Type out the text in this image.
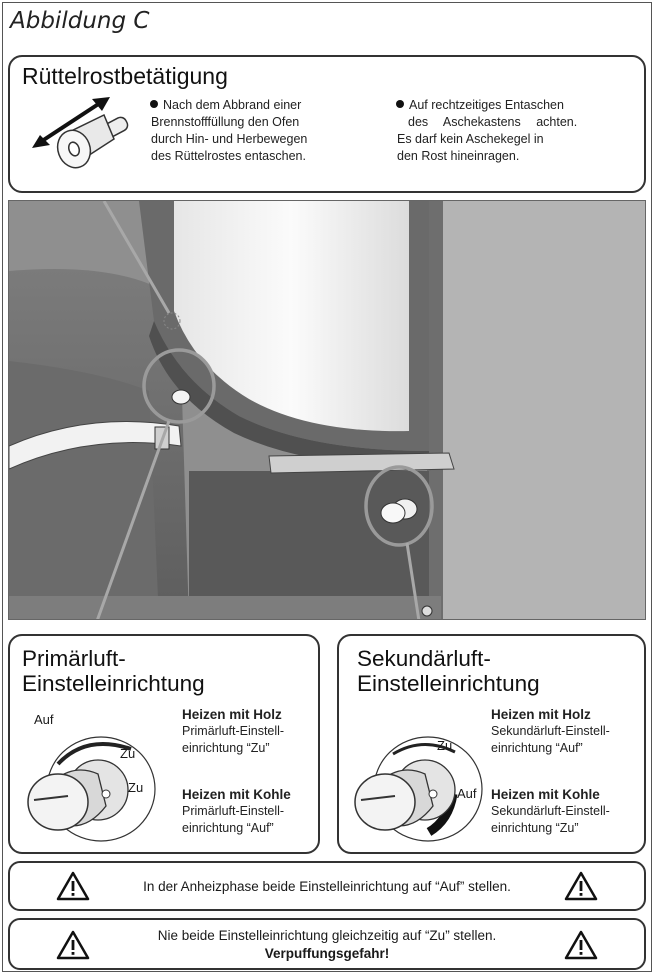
Abbildung C
Rüttelrostbetätigung
Nach dem Abbrand einer
Brennstofffüllung den Ofen
durch Hin- und Herbewegen
des Rüttelrostes entaschen.
Auf rechtzeitiges Entaschen
des Aschekastens achten.
Es darf kein Aschekegel in
den Rost hineinragen.
Primärluft-
Einstelleinrichtung
Auf
Zu
Zu
Heizen mit Holz
Primärluft-Einstell-
einrichtung “Zu”
Heizen mit Kohle
Primärluft-Einstell-
einrichtung “Auf”
Sekundärluft-
Einstelleinrichtung
Zu
Auf
Heizen mit Holz
Sekundärluft-Einstell-
einrichtung “Auf”
Heizen mit Kohle
Sekundärluft-Einstell-
einrichtung “Zu”
In der Anheizphase beide Einstelleinrichtung auf “Auf” stellen.
Nie beide Einstelleinrichtung gleichzeitig auf “Zu” stellen.
Verpuffungsgefahr!
